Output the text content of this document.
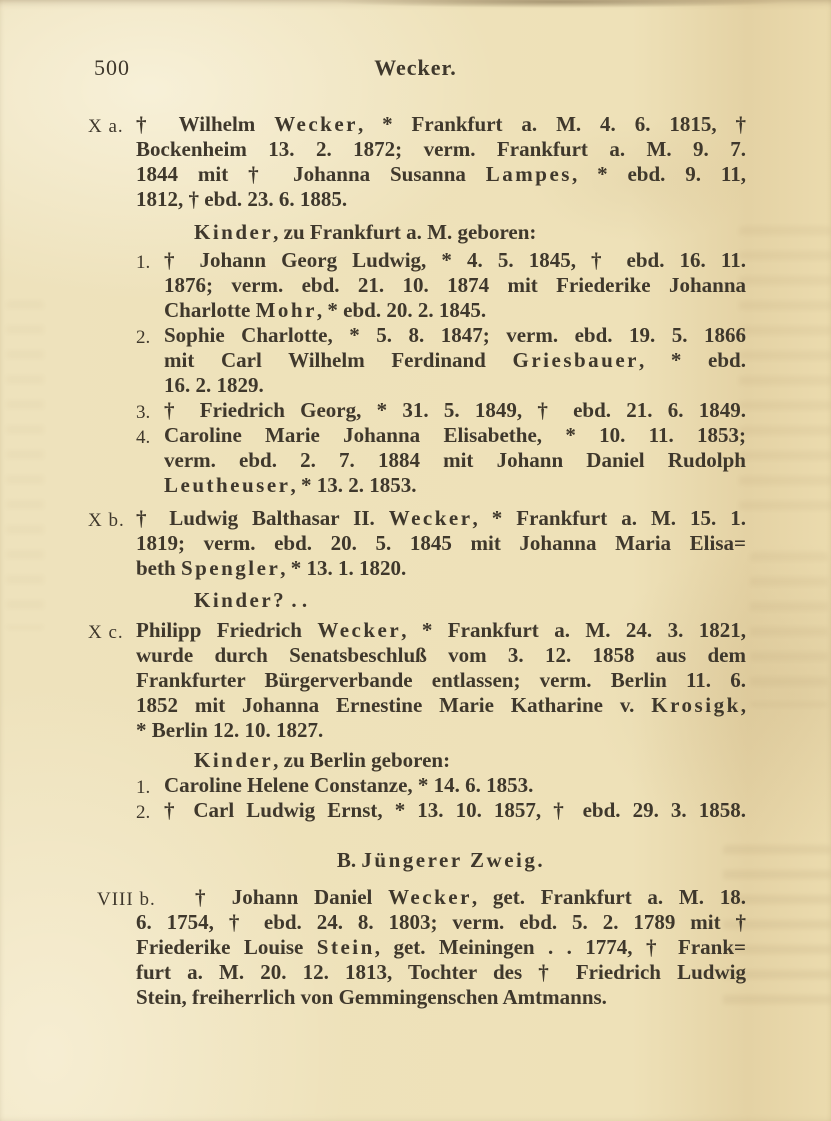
500	Wecker.
X a. † Wilhelm Wecker, * Frankfurt a. M. 4. 6. 1815, †
Bockenheim 13. 2. 1872; verm. Frankfurt a. M. 9. 7.
1844 mit † Johanna Susanna Lampes, * ebd. 9. 11,
1812, † ebd. 23. 6. 1885.
Kinder, zu Frankfurt a. M. geboren:
1. † Johann Georg Ludwig, * 4. 5. 1845, † ebd. 16. 11.
1876; verm. ebd. 21. 10. 1874 mit Friederike Johanna
Charlotte Mohr, * ebd. 20. 2. 1845.
2. Sophie Charlotte, * 5. 8. 1847; verm. ebd. 19. 5. 1866
mit Carl Wilhelm Ferdinand Griesbauer, * ebd.
16. 2. 1829.
3. † Friedrich Georg, * 31. 5. 1849, † ebd. 21. 6. 1849.
4. Caroline Marie Johanna Elisabethe, * 10. 11. 1853;
verm. ebd. 2. 7. 1884 mit Johann Daniel Rudolph
Leutheuser, * 13. 2. 1853.
X b. † Ludwig Balthasar II. Wecker, * Frankfurt a. M. 15. 1.
1819; verm. ebd. 20. 5. 1845 mit Johanna Maria Elisa=
beth Spengler, * 13. 1. 1820.
Kinder? . .
X c. Philipp Friedrich Wecker, * Frankfurt a. M. 24. 3. 1821,
wurde durch Senatsbeschluß vom 3. 12. 1858 aus dem
Frankfurter Bürgerverbande entlassen; verm. Berlin 11. 6.
1852 mit Johanna Ernestine Marie Katharine v. Krosigk,
* Berlin 12. 10. 1827.
Kinder, zu Berlin geboren:
1. Caroline Helene Constanze, * 14. 6. 1853.
2. † Carl Ludwig Ernst, * 13. 10. 1857, † ebd. 29. 3. 1858.
B. Jüngerer Zweig.
VIII b.	† Johann Daniel Wecker, get. Frankfurt a. M. 18.
6. 1754, † ebd. 24. 8. 1803; verm. ebd. 5. 2. 1789 mit †
Friederike Louise Stein, get. Meiningen . . 1774, † Frank=
furt a. M. 20. 12. 1813, Tochter des † Friedrich Ludwig
Stein, freiherrlich von Gemmingenschen Amtmanns.
